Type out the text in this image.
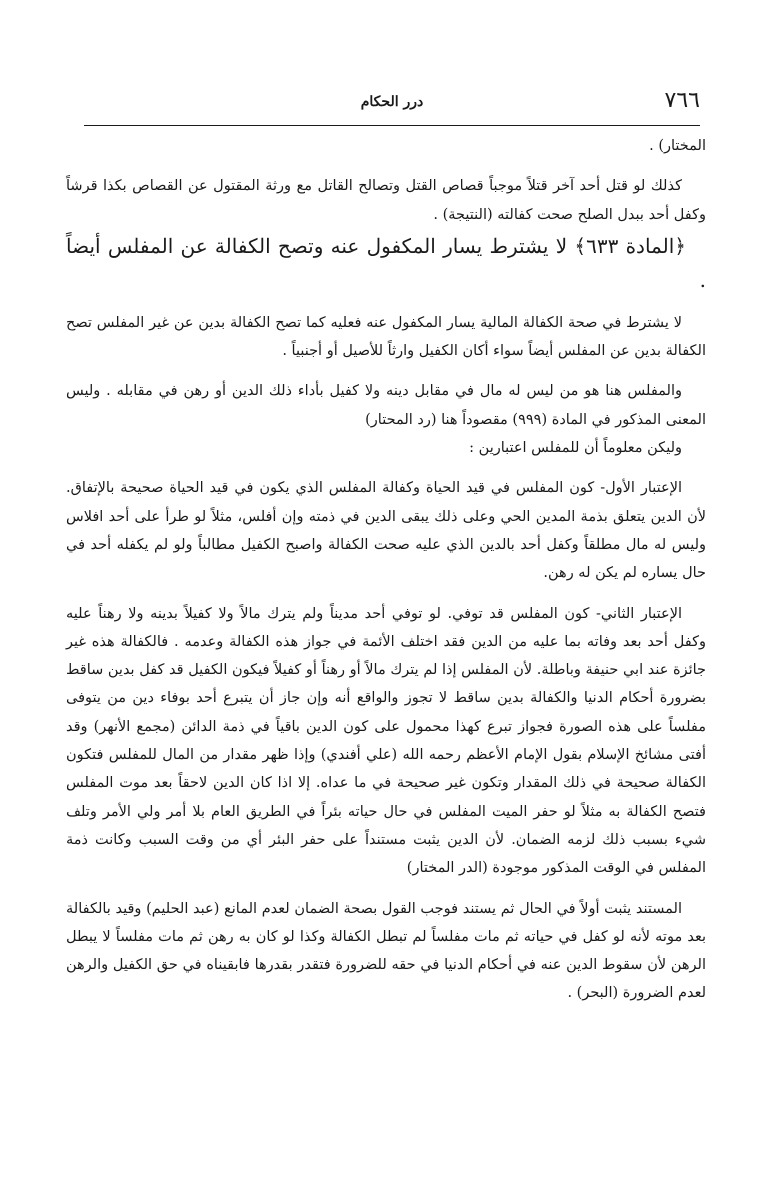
٧٦٦
درر الحكام

المختار) .

كذلك لو قتل أحد آخر قتلاً موجباً قصاص القتل وتصالح القاتل مع ورثة المقتول عن القصاص بكذا قرشاً وكفل أحد ببدل الصلح صحت كفالته (النتيجة) .

﴿المادة ٦٣٣﴾ لا يشترط يسار المكفول عنه وتصح الكفالة عن المفلس أيضاً .

لا يشترط في صحة الكفالة المالية يسار المكفول عنه فعليه كما تصح الكفالة بدين عن غير المفلس تصح الكفالة بدين عن المفلس أيضاً سواء أكان الكفيل وارثاً للأصيل أو أجنبياً .

والمفلس هنا هو من ليس له مال في مقابل دينه ولا كفيل بأداء ذلك الدين أو رهن في مقابله . وليس المعنى المذكور في المادة (٩٩٩) مقصوداً هنا (رد المحتار)

وليكن معلوماً أن للمفلس اعتبارين :

الإعتبار الأول- كون المفلس في قيد الحياة وكفالة المفلس الذي يكون في قيد الحياة صحيحة بالإتفاق. لأن الدين يتعلق بذمة المدين الحي وعلى ذلك يبقى الدين في ذمته وإن أفلس، مثلاً لو طرأ على أحد افلاس وليس له مال مطلقاً وكفل أحد بالدين الذي عليه صحت الكفالة واصبح الكفيل مطالباً ولو لم يكفله أحد في حال يساره لم يكن له رهن.

الإعتبار الثاني- كون المفلس قد توفي. لو توفي أحد مديناً ولم يترك مالاً ولا كفيلاً بدينه ولا رهناً عليه وكفل أحد بعد وفاته بما عليه من الدين فقد اختلف الأئمة في جواز هذه الكفالة وعدمه . فالكفالة هذه غير جائزة عند ابي حنيفة وباطلة. لأن المفلس إذا لم يترك مالاً أو رهناً أو كفيلاً فيكون الكفيل قد كفل بدين ساقط بضرورة أحكام الدنيا والكفالة بدين ساقط لا تجوز والواقع أنه وإن جاز أن يتبرع أحد بوفاء دين من يتوفى مفلساً على هذه الصورة فجواز تبرع كهذا محمول على كون الدين باقياً في ذمة الدائن (مجمع الأنهر) وقد أفتى مشائخ الإسلام بقول الإمام الأعظم رحمه الله (علي أفندي) وإذا ظهر مقدار من المال للمفلس فتكون الكفالة صحيحة في ذلك المقدار وتكون غير صحيحة في ما عداه. إلا اذا كان الدين لاحقاً بعد موت المفلس فتصح الكفالة به مثلاً لو حفر الميت المفلس في حال حياته بئراً في الطريق العام بلا أمر ولي الأمر وتلف شيء بسبب ذلك لزمه الضمان. لأن الدين يثبت مستنداً على حفر البئر أي من وقت السبب وكانت ذمة المفلس في الوقت المذكور موجودة (الدر المختار)

المستند يثبت أولاً في الحال ثم يستند فوجب القول بصحة الضمان لعدم المانع (عبد الحليم) وقيد بالكفالة بعد موته لأنه لو كفل في حياته ثم مات مفلساً لم تبطل الكفالة وكذا لو كان به رهن ثم مات مفلساً لا يبطل الرهن لأن سقوط الدين عنه في أحكام الدنيا في حقه للضرورة فتقدر بقدرها فابقيناه في حق الكفيل والرهن لعدم الضرورة (البحر) .
